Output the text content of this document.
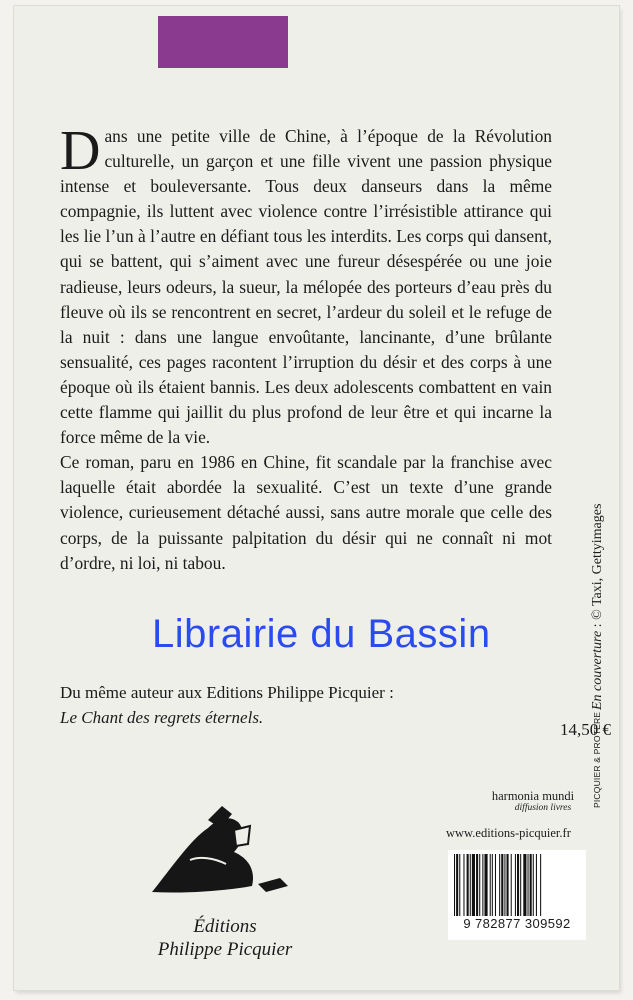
Dans une petite ville de Chine, à l’époque de la Révolution culturelle, un garçon et une fille vivent une passion physique intense et bouleversante. Tous deux danseurs dans la même compagnie, ils luttent avec violence contre l’irrésistible attirance qui les lie l’un à l’autre en défiant tous les interdits. Les corps qui dansent, qui se battent, qui s’aiment avec une fureur désespérée ou une joie radieuse, leurs odeurs, la sueur, la mélopée des porteurs d’eau près du fleuve où ils se rencontrent en secret, l’ardeur du soleil et le refuge de la nuit : dans une langue envoûtante, lancinante, d’une brûlante sensualité, ces pages racontent l’irruption du désir et des corps à une époque où ils étaient bannis. Les deux adolescents combattent en vain cette flamme qui jaillit du plus profond de leur être et qui incarne la force même de la vie.

Ce roman, paru en 1986 en Chine, fit scandale par la franchise avec laquelle était abordée la sexualité. C’est un texte d’une grande violence, curieusement détaché aussi, sans autre morale que celle des corps, de la puissante palpitation du désir qui ne connaît ni mot d’ordre, ni loi, ni tabou.

Du même auteur aux Editions Philippe Picquier :
Le Chant des regrets éternels.
14,50 €
En couverture : © Taxi, Gettyimages
PICQUIER & PROTERE
harmonia mundi
diffusion livres
www.editions-picquier.fr
9 782877 309592
Éditions
Philippe Picquier
Librairie du Bassin
